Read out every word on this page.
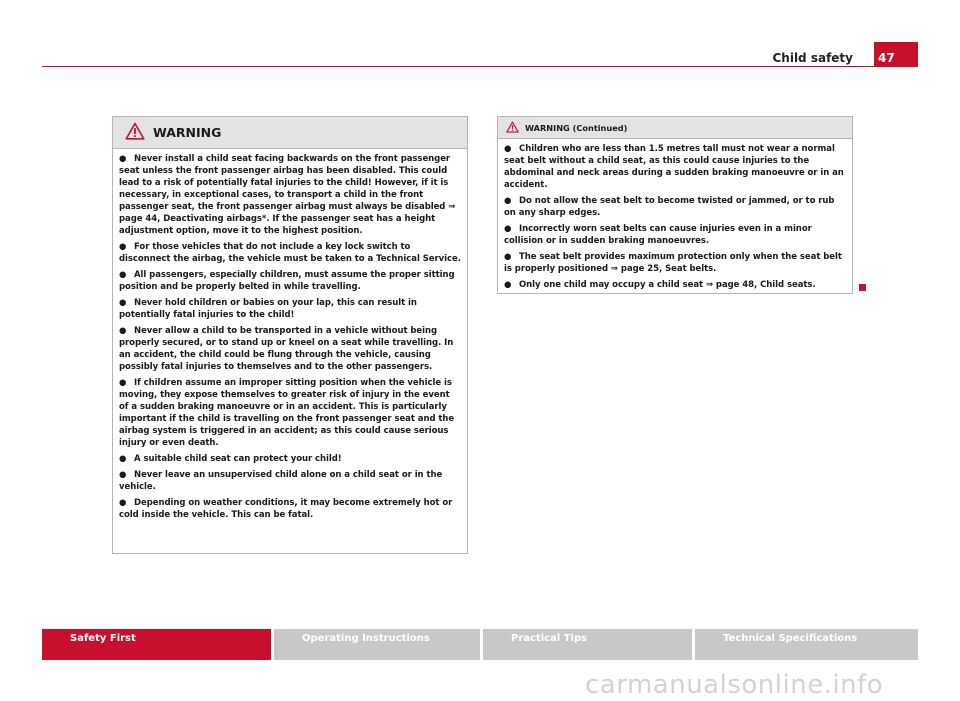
Child safety	47
WARNING

● Never install a child seat facing backwards on the front passenger seat unless the front passenger airbag has been disabled. This could lead to a risk of potentially fatal injuries to the child! However, if it is necessary, in exceptional cases, to transport a child in the front passenger seat, the front passenger airbag must always be disabled ⇒ page 44, Deactivating airbags*. If the passenger seat has a height adjustment option, move it to the highest position.

● For those vehicles that do not include a key lock switch to disconnect the airbag, the vehicle must be taken to a Technical Service.

● All passengers, especially children, must assume the proper sitting position and be properly belted in while travelling.

● Never hold children or babies on your lap, this can result in potentially fatal injuries to the child!

● Never allow a child to be transported in a vehicle without being properly secured, or to stand up or kneel on a seat while travelling. In an accident, the child could be flung through the vehicle, causing possibly fatal injuries to themselves and to the other passengers.

● If children assume an improper sitting position when the vehicle is moving, they expose themselves to greater risk of injury in the event of a sudden braking manoeuvre or in an accident. This is particularly important if the child is travelling on the front passenger seat and the airbag system is triggered in an accident; as this could cause serious injury or even death.

● A suitable child seat can protect your child!

● Never leave an unsupervised child alone on a child seat or in the vehicle.

● Depending on weather conditions, it may become extremely hot or cold inside the vehicle. This can be fatal.

WARNING (Continued)

● Children who are less than 1.5 metres tall must not wear a normal seat belt without a child seat, as this could cause injuries to the abdominal and neck areas during a sudden braking manoeuvre or in an accident.

● Do not allow the seat belt to become twisted or jammed, or to rub on any sharp edges.

● Incorrectly worn seat belts can cause injuries even in a minor collision or in sudden braking manoeuvres.

● The seat belt provides maximum protection only when the seat belt is properly positioned ⇒ page 25, Seat belts.

● Only one child may occupy a child seat ⇒ page 48, Child seats.

Safety First	Operating Instructions	Practical Tips	Technical Specifications
carmanualsonline.info
